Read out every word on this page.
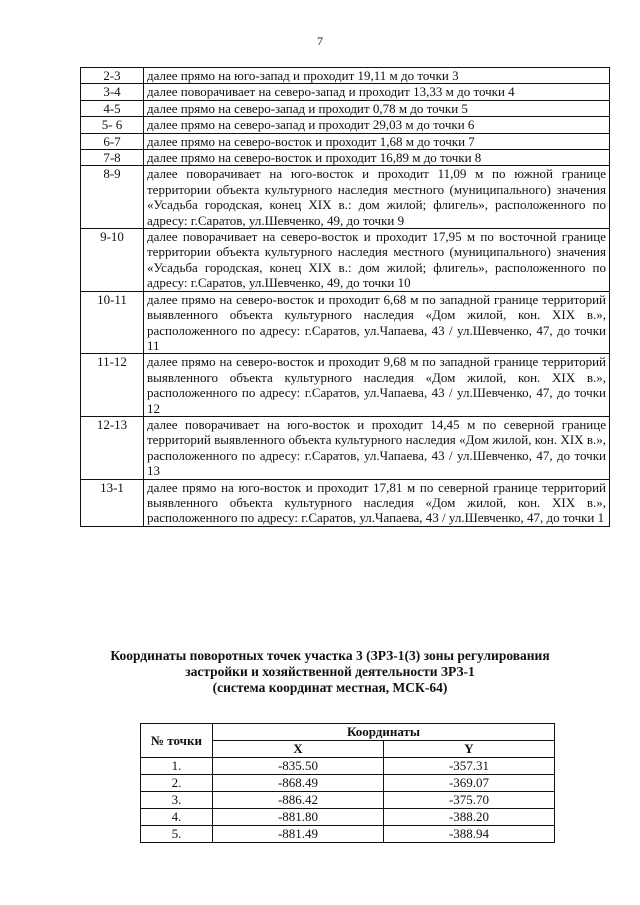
7
2-3	далее прямо на юго-запад и проходит 19,11 м до точки 3
3-4	далее поворачивает на северо-запад и проходит 13,33 м до точки 4
4-5	далее прямо на северо-запад и проходит 0,78 м до точки 5
5- 6	далее прямо на северо-запад и проходит 29,03 м до точки 6
6-7	далее прямо на северо-восток и проходит 1,68 м до точки 7
7-8	далее прямо на северо-восток и проходит 16,89 м до точки 8
8-9	далее поворачивает на юго-восток и проходит 11,09 м по южной границе территории объекта культурного наследия местного (муниципального) значения «Усадьба городская, конец XIX в.: дом жилой; флигель», расположенного по адресу: г.Саратов, ул.Шевченко, 49, до точки 9
9-10	далее поворачивает на северо-восток и проходит 17,95 м по восточной границе территории объекта культурного наследия местного (муниципального) значения «Усадьба городская, конец XIX в.: дом жилой; флигель», расположенного по адресу: г.Саратов, ул.Шевченко, 49, до точки 10
10-11	далее прямо на северо-восток и проходит 6,68 м по западной границе территорий выявленного объекта культурного наследия «Дом жилой, кон. XIX в.», расположенного по адресу: г.Саратов, ул.Чапаева, 43 / ул.Шевченко, 47, до точки 11
11-12	далее прямо на северо-восток и проходит 9,68 м по западной границе территорий выявленного объекта культурного наследия «Дом жилой, кон. XIX в.», расположенного по адресу: г.Саратов, ул.Чапаева, 43 / ул.Шевченко, 47, до точки 12
12-13	далее поворачивает на юго-восток и проходит 14,45 м по северной границе территорий выявленного объекта культурного наследия «Дом жилой, кон. XIX в.», расположенного по адресу: г.Саратов, ул.Чапаева, 43 / ул.Шевченко, 47, до точки 13
13-1	далее прямо на юго-восток и проходит 17,81 м по северной границе территорий выявленного объекта культурного наследия «Дом жилой, кон. XIX в.», расположенного по адресу: г.Саратов, ул.Чапаева, 43 / ул.Шевченко, 47, до точки 1
Координаты поворотных точек участка 3 (ЗРЗ-1(3) зоны регулирования
застройки и хозяйственной деятельности ЗРЗ-1
(система координат местная, МСК-64)
№ точки	Координаты	
	X	Y
1.	-835.50	-357.31
2.	-868.49	-369.07
3.	-886.42	-375.70
4.	-881.80	-388.20
5.	-881.49	-388.94
